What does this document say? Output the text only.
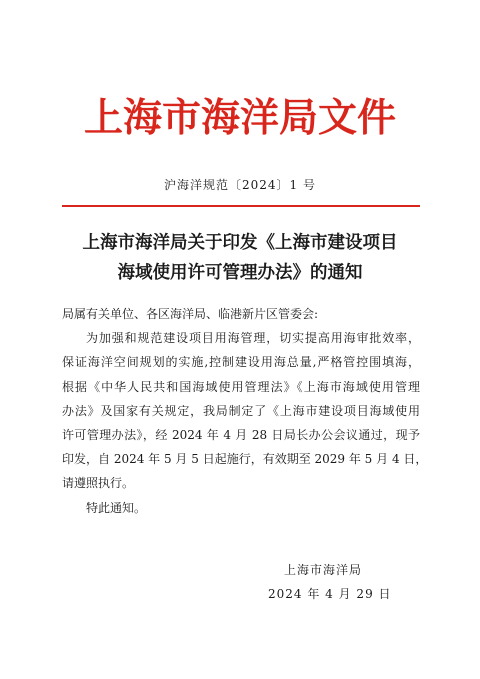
上海市海洋局文件
沪海洋规范〔2024〕1 号
上海市海洋局关于印发《上海市建设项目
海域使用许可管理办法》的通知
局属有关单位、各区海洋局、临港新片区管委会:
为加强和规范建设项目用海管理，切实提高用海审批效率，
保证海洋空间规划的实施,控制建设用海总量,严格管控围填海，
根据《中华人民共和国海域使用管理法》《上海市海域使用管理
办法》及国家有关规定，我局制定了《上海市建设项目海域使用
许可管理办法》，经 2024 年 4 月 28 日局长办公会议通过，现予
印发，自 2024 年 5 月 5 日起施行，有效期至 2029 年 5 月 4 日，
请遵照执行。
特此通知。
上海市海洋局
2024 年 4 月 29 日
